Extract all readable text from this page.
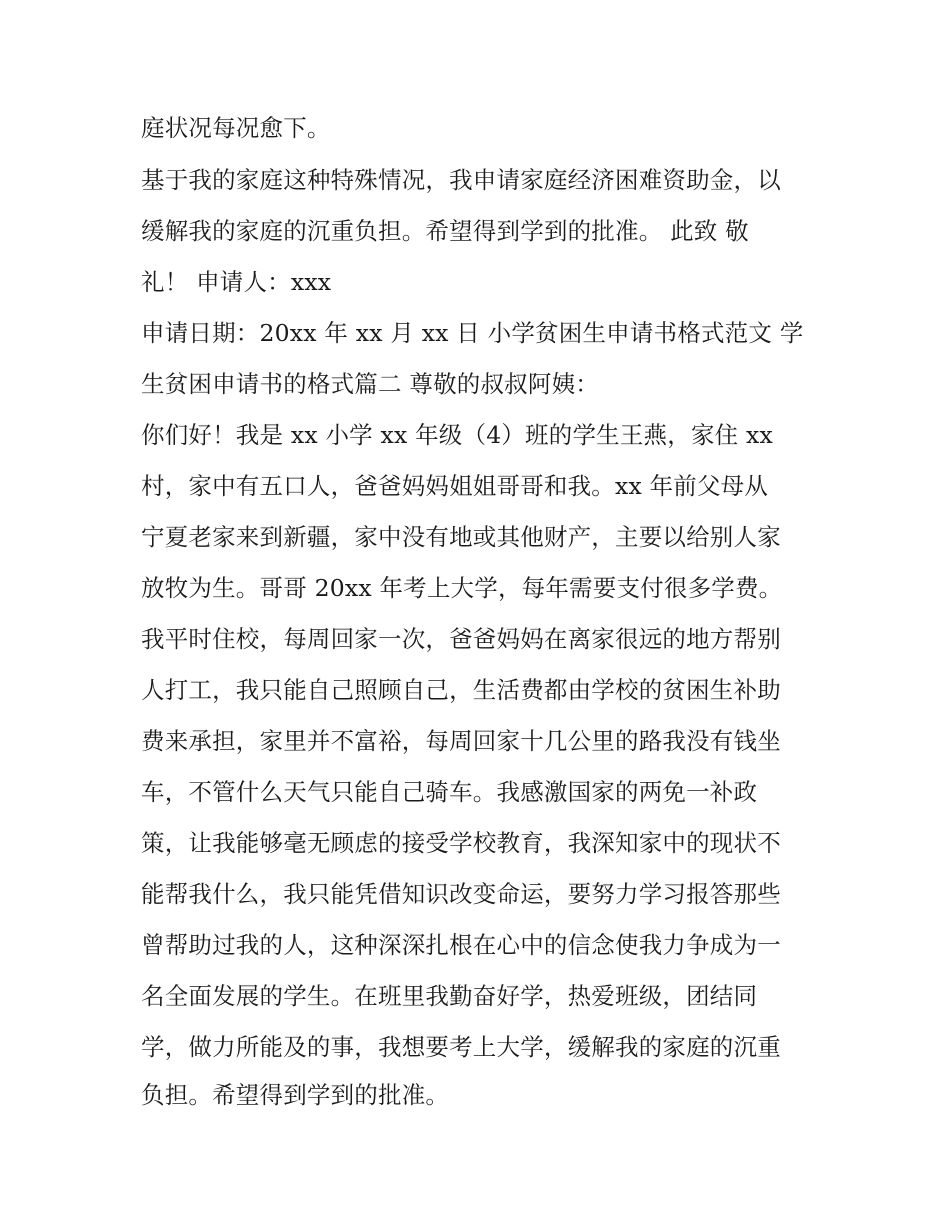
庭状况每况愈下。
基于我的家庭这种特殊情况，我申请家庭经济困难资助金，以
缓解我的家庭的沉重负担。希望得到学到的批准。 此致 敬
礼！ 申请人：xxx
申请日期：20xx 年 xx 月 xx 日 小学贫困生申请书格式范文 学
生贫困申请书的格式篇二 尊敬的叔叔阿姨：
你们好！我是 xx 小学 xx 年级（4）班的学生王燕，家住 xx
村，家中有五口人，爸爸妈妈姐姐哥哥和我。xx 年前父母从
宁夏老家来到新疆，家中没有地或其他财产，主要以给别人家
放牧为生。哥哥 20xx 年考上大学，每年需要支付很多学费。
我平时住校，每周回家一次，爸爸妈妈在离家很远的地方帮别
人打工，我只能自己照顾自己，生活费都由学校的贫困生补助
费来承担，家里并不富裕，每周回家十几公里的路我没有钱坐
车，不管什么天气只能自己骑车。我感激国家的两免一补政
策，让我能够毫无顾虑的接受学校教育，我深知家中的现状不
能帮我什么，我只能凭借知识改变命运，要努力学习报答那些
曾帮助过我的人，这种深深扎根在心中的信念使我力争成为一
名全面发展的学生。在班里我勤奋好学，热爱班级，团结同
学，做力所能及的事，我想要考上大学，缓解我的家庭的沉重
负担。希望得到学到的批准。
